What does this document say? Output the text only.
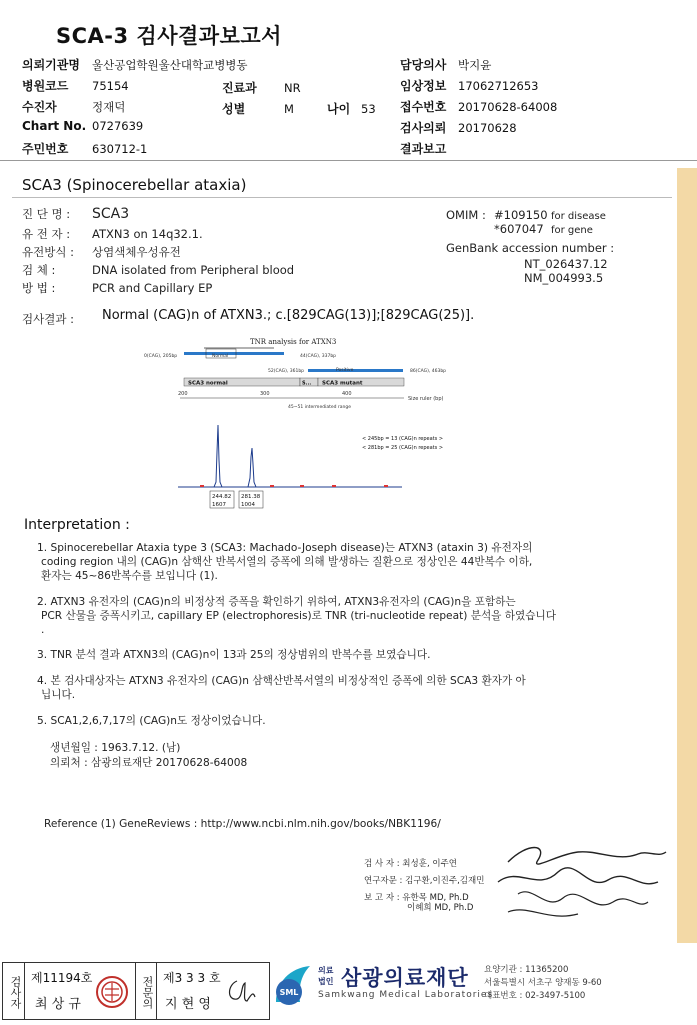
SCA-3 검사결과보고서
의뢰기관명 울산공업학원울산대학교병병동
병원코드 75154
수진자	정재덕
Chart No. 0727639
주민번호 630712-1
진료과 NR
성별	M	나이 53
담당의사 박지윤
임상정보 17062712653
접수번호 20170628-64008
검사의뢰 20170628
결과보고
SCA3 (Spinocerebellar ataxia)
진 단 명 : SCA3
유 전 자 : ATXN3 on 14q32.1.
유전방식 : 상염색체우성유전
검 체 :	DNA isolated from Peripheral blood
방 법 :	PCR and Capillary EP
OMIM : #109150 for disease
*607047 for gene
GenBank accession number :
NT_026437.12
NM_004993.5
검사결과 : Normal (CAG)n of ATXN3.; c.[829CAG(13)];[829CAG(25)].
TNR analysis for ATXN3
0(CAG), 205bp	Normal	44(CAG), 337bp
52(CAG), 361bp	Positive	86(CAG), 463bp
SCA3 normal	S... SCA3 mutant
200	300	400
Size ruler (bp)
45~51 intermediated range
< 245bp = 13 (CAG)n repeats >
< 281bp = 25 (CAG)n repeats >
244.82
1607
281.38
1004
Interpretation :
1. Spinocerebellar Ataxia type 3 (SCA3: Machado-Joseph disease)는 ATXN3 (ataxin 3) 유전자의
coding region 내의 (CAG)n 삼핵산 반복서열의 증폭에 의해 발생하는 질환으로 정상인은 44반복수 이하,
환자는 45~86반복수를 보입니다 (1).
2. ATXN3 유전자의 (CAG)n의 비정상적 증폭을 확인하기 위하여, ATXN3유전자의 (CAG)n을 포함하는
PCR 산물을 증폭시키고, capillary EP (electrophoresis)로 TNR (tri-nucleotide repeat) 분석을 하였습니다
.
3. TNR 분석 결과 ATXN3의 (CAG)n이 13과 25의 정상범위의 반복수를 보였습니다.
4. 본 검사대상자는 ATXN3 유전자의 (CAG)n 삼핵산반복서열의 비정상적인 증폭에 의한 SCA3 환자가 아
닙니다.
5. SCA1,2,6,7,17의 (CAG)n도 정상이었습니다.
생년월일 : 1963.7.12. (남)
의뢰처 : 삼광의료재단 20170628-64008
Reference (1) GeneReviews : http://www.ncbi.nlm.nih.gov/books/NBK1196/
검 사 자 : 최성훈, 이주연
연구자문 : 김구환,이진주,김재민
보 고 자 : 유한목 MD, Ph.D
이혜희 MD, Ph.D
검사자 제11194호
최 상 규	전문의 제3 3 3 호
지 현 영
SML
의료
법인 삼광의료재단
Samkwang Medical Laboratories
요양기관 : 11365200
서울특별시 서초구 양재동 9-60
대표번호 : 02-3497-5100
